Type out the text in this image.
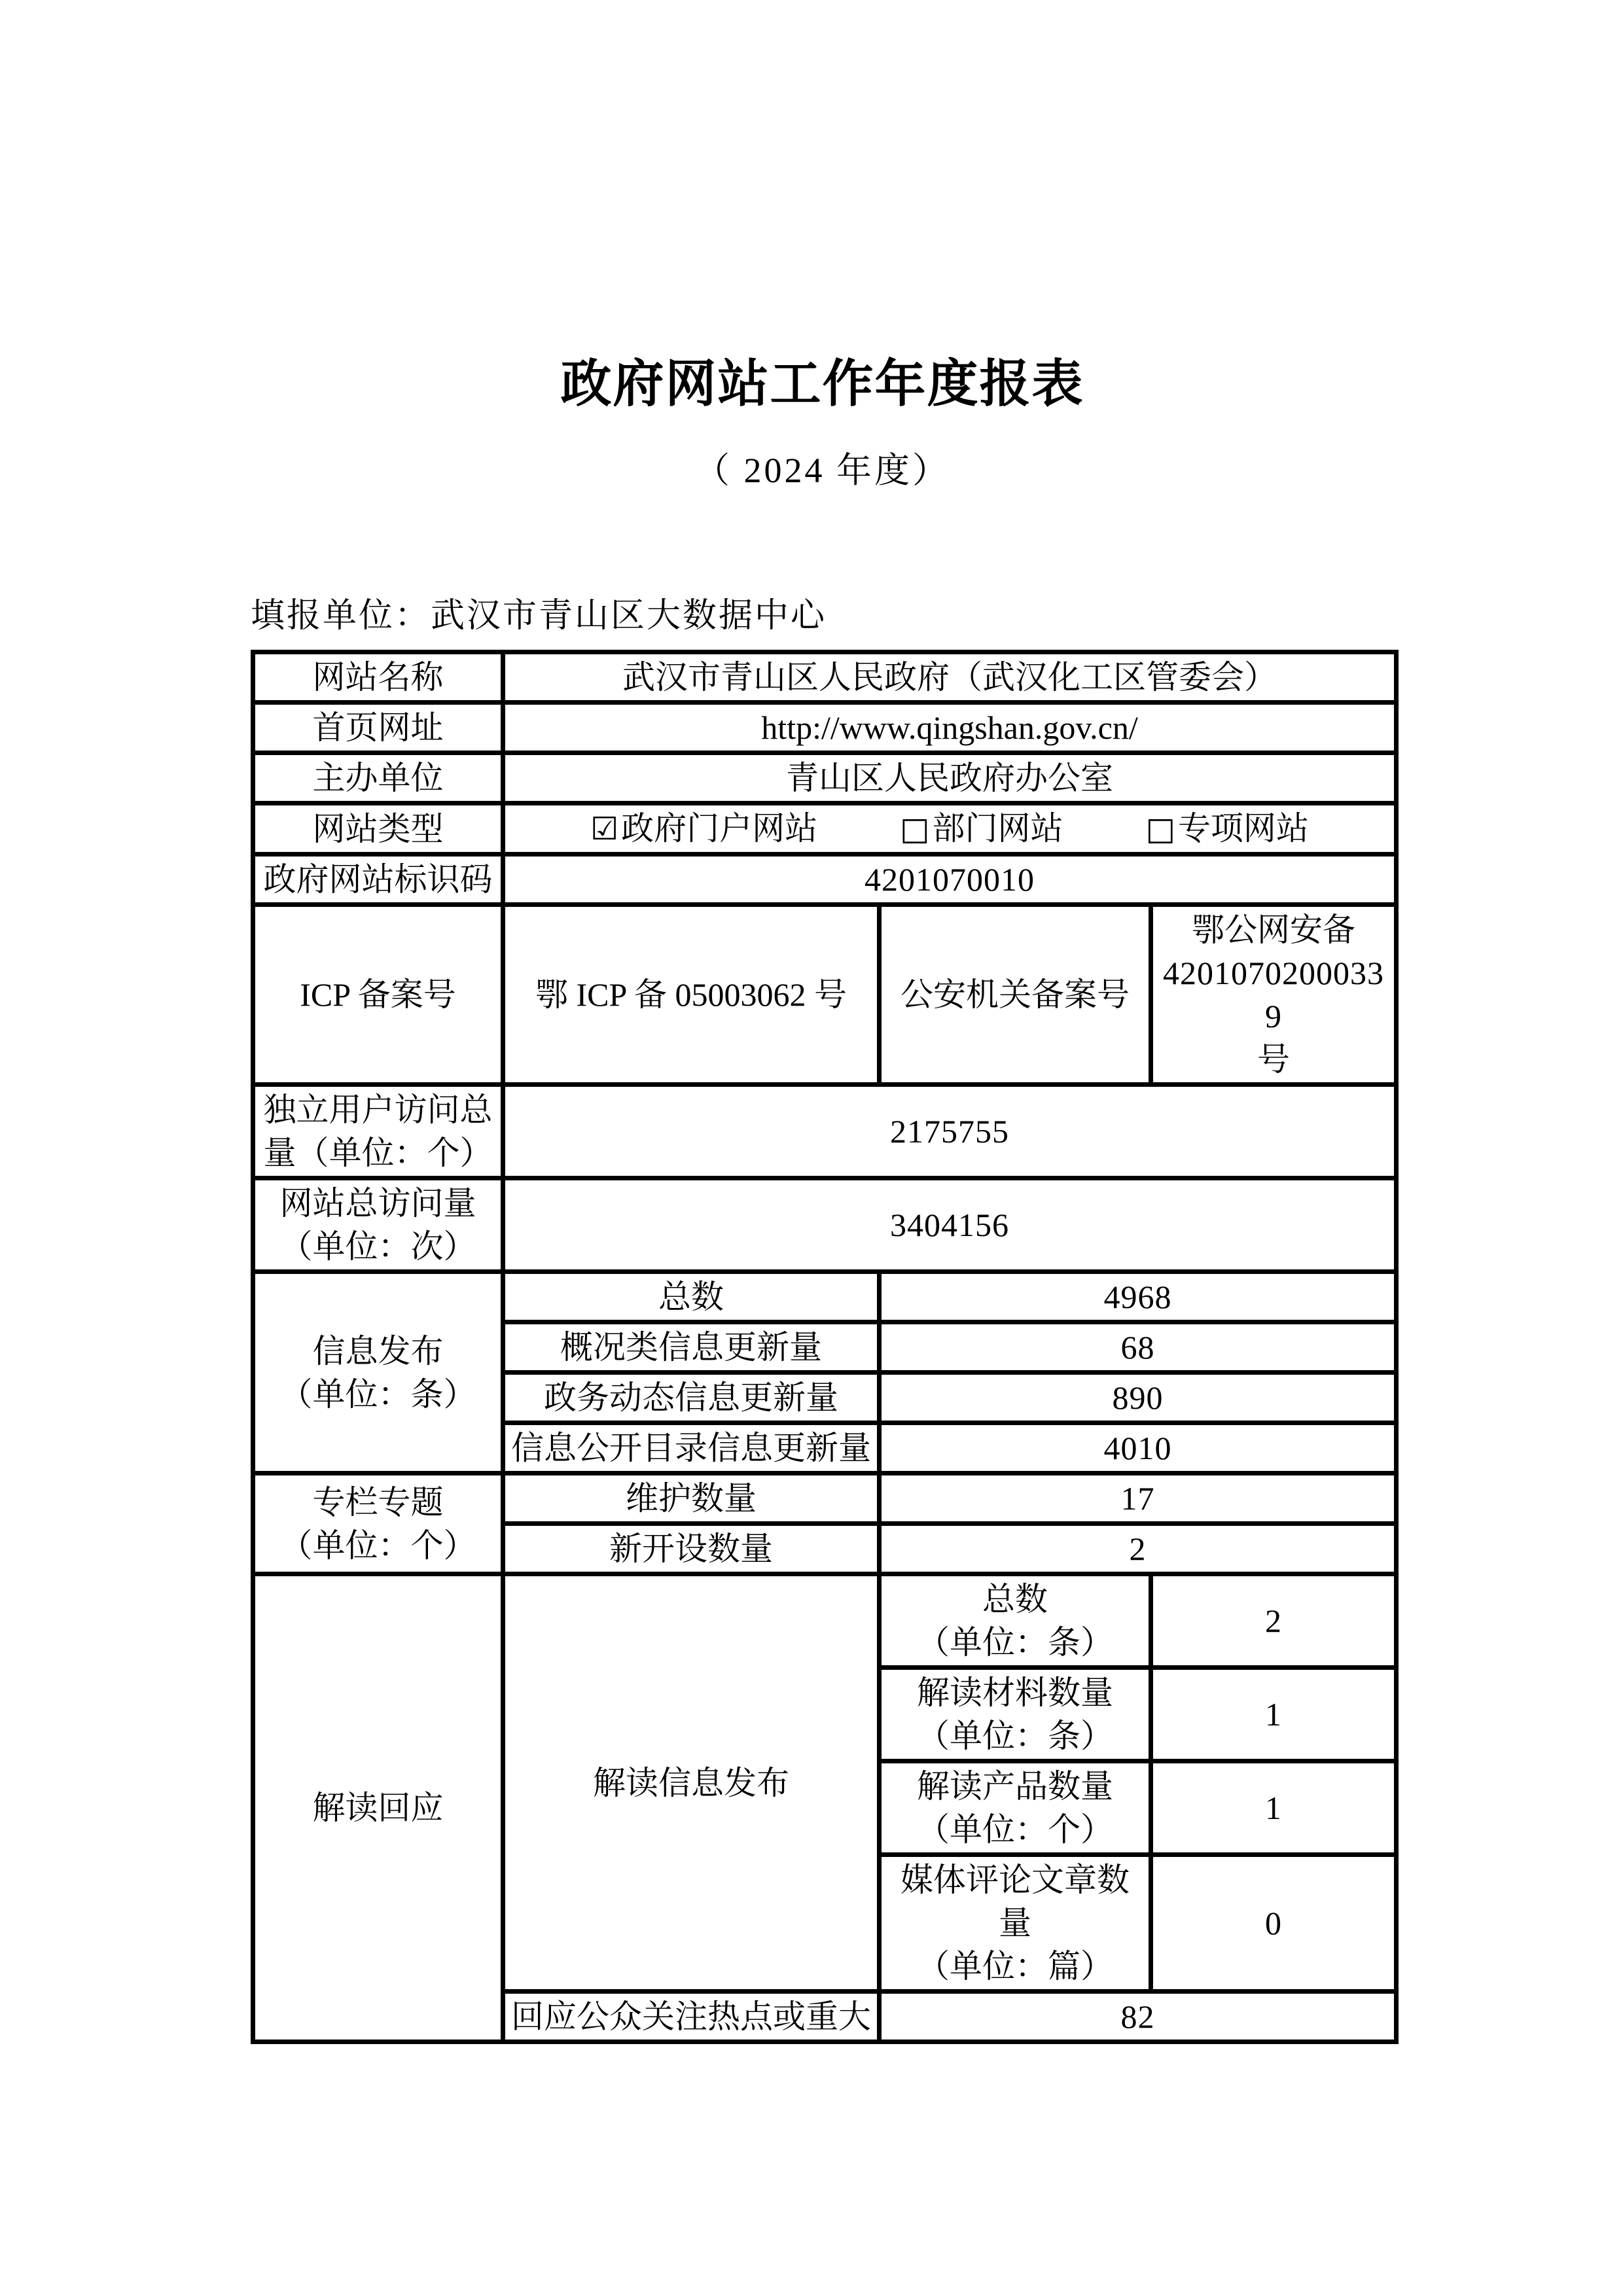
政府网站工作年度报表
（ 2024 年度）
填报单位：武汉市青山区大数据中心
网站名称	武汉市青山区人民政府（武汉化工区管委会）		
首页网址	http://www.qingshan.gov.cn/		
主办单位	青山区人民政府办公室		
网站类型	☑政府门户网站 □部门网站 □专项网站		

政府网站标识码	4201070010		
ICP 备案号	鄂 ICP 备 05003062 号	公安机关备案号	鄂公网安备
42010702000339
号

独立用户访问总
量（单位：个）	2175755		

网站总访问量
（单位：次）	3404156		

信息发布
（单位：条）	总数	4968	
	概况类信息更新量	68	
	政务动态信息更新量	890	
	信息公开目录信息更新量	4010	

专栏专题
（单位：个）	维护数量	17	
	新开设数量	2	
解读回应	解读信息发布	总数
（单位：条）	2

		解读材料数量
（单位：条）	1

		解读产品数量
（单位：个）	1

		媒体评论文章数
量
（单位：篇）	0
	回应公众关注热点或重大	82	
